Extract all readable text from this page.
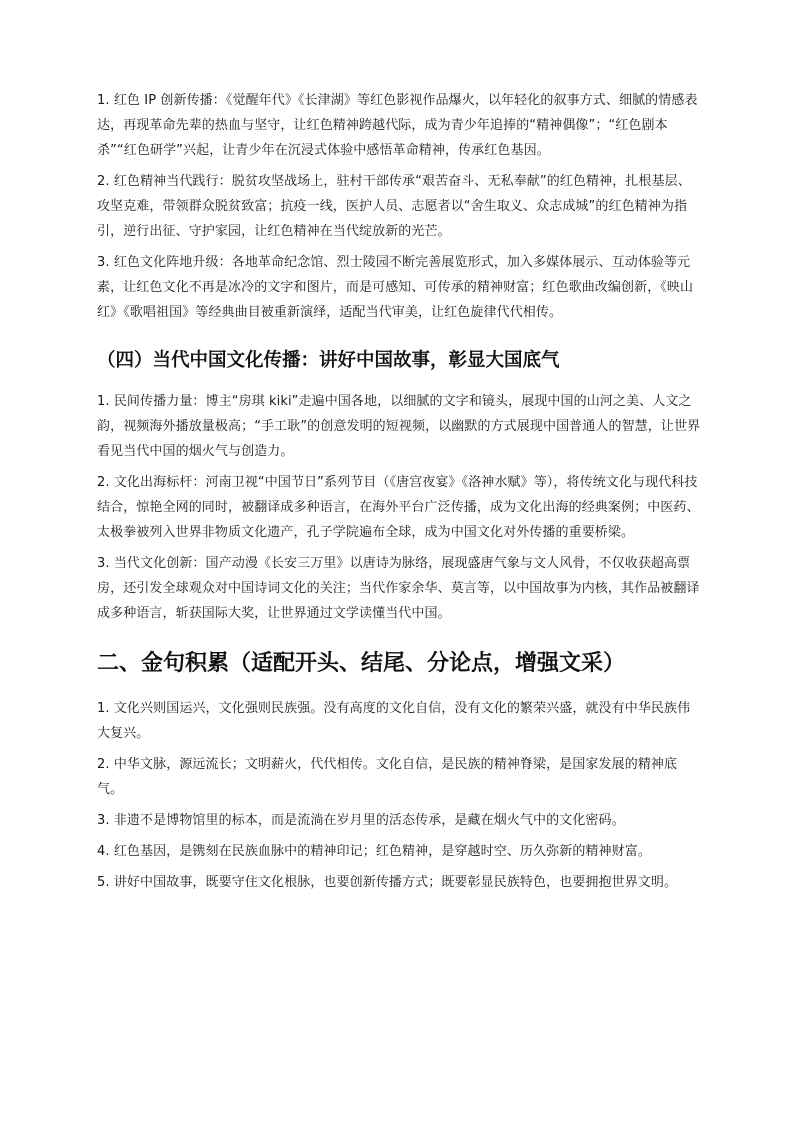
1. 红色 IP 创新传播：《觉醒年代》《长津湖》等红色影视作品爆火，以年轻化的叙事方式、细腻的情感表达，再现革命先辈的热血与坚守，让红色精神跨越代际，成为青少年追捧的“精神偶像”；“红色剧本杀”“红色研学”兴起，让青少年在沉浸式体验中感悟革命精神，传承红色基因。

2. 红色精神当代践行：脱贫攻坚战场上，驻村干部传承“艰苦奋斗、无私奉献”的红色精神，扎根基层、攻坚克难，带领群众脱贫致富；抗疫一线，医护人员、志愿者以“舍生取义、众志成城”的红色精神为指引，逆行出征、守护家园，让红色精神在当代绽放新的光芒。

3. 红色文化阵地升级：各地革命纪念馆、烈士陵园不断完善展览形式，加入多媒体展示、互动体验等元素，让红色文化不再是冰冷的文字和图片，而是可感知、可传承的精神财富；红色歌曲改编创新，《映山红》《歌唱祖国》等经典曲目被重新演绎，适配当代审美，让红色旋律代代相传。

（四）当代中国文化传播：讲好中国故事，彰显大国底气

1. 民间传播力量：博主“房琪 kiki”走遍中国各地，以细腻的文字和镜头，展现中国的山河之美、人文之韵，视频海外播放量极高；“手工耿”的创意发明的短视频，以幽默的方式展现中国普通人的智慧，让世界看见当代中国的烟火气与创造力。

2. 文化出海标杆：河南卫视“中国节日”系列节目（《唐宫夜宴》《洛神水赋》等），将传统文化与现代科技结合，惊艳全网的同时，被翻译成多种语言，在海外平台广泛传播，成为文化出海的经典案例；中医药、太极拳被列入世界非物质文化遗产，孔子学院遍布全球，成为中国文化对外传播的重要桥梁。

3. 当代文化创新：国产动漫《长安三万里》以唐诗为脉络，展现盛唐气象与文人风骨，不仅收获超高票房，还引发全球观众对中国诗词文化的关注；当代作家余华、莫言等，以中国故事为内核，其作品被翻译成多种语言，斩获国际大奖，让世界通过文学读懂当代中国。

二、金句积累（适配开头、结尾、分论点，增强文采）

1. 文化兴则国运兴，文化强则民族强。没有高度的文化自信，没有文化的繁荣兴盛，就没有中华民族伟大复兴。

2. 中华文脉，源远流长；文明薪火，代代相传。文化自信，是民族的精神脊梁，是国家发展的精神底气。

3. 非遗不是博物馆里的标本，而是流淌在岁月里的活态传承，是藏在烟火气中的文化密码。

4. 红色基因，是镌刻在民族血脉中的精神印记；红色精神，是穿越时空、历久弥新的精神财富。

5. 讲好中国故事，既要守住文化根脉，也要创新传播方式；既要彰显民族特色，也要拥抱世界文明。
